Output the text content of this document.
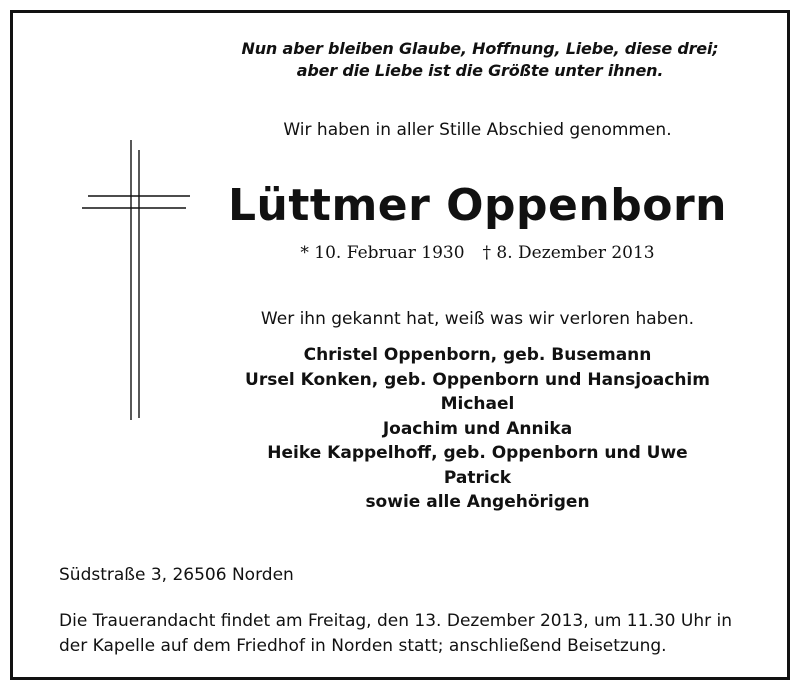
Nun aber bleiben Glaube, Hoffnung, Liebe, diese drei;
aber die Liebe ist die Größte unter ihnen.
Wir haben in aller Stille Abschied genommen.
Lüttmer Oppenborn
* 10. Februar 1930 † 8. Dezember 2013
Wer ihn gekannt hat, weiß was wir verloren haben.
Christel Oppenborn, geb. Busemann
Ursel Konken, geb. Oppenborn und Hansjoachim
Michael
Joachim und Annika
Heike Kappelhoff, geb. Oppenborn und Uwe
Patrick
sowie alle Angehörigen
Südstraße 3, 26506 Norden
Die Trauerandacht findet am Freitag, den 13. Dezember 2013, um 11.30 Uhr in
der Kapelle auf dem Friedhof in Norden statt; anschließend Beisetzung.
